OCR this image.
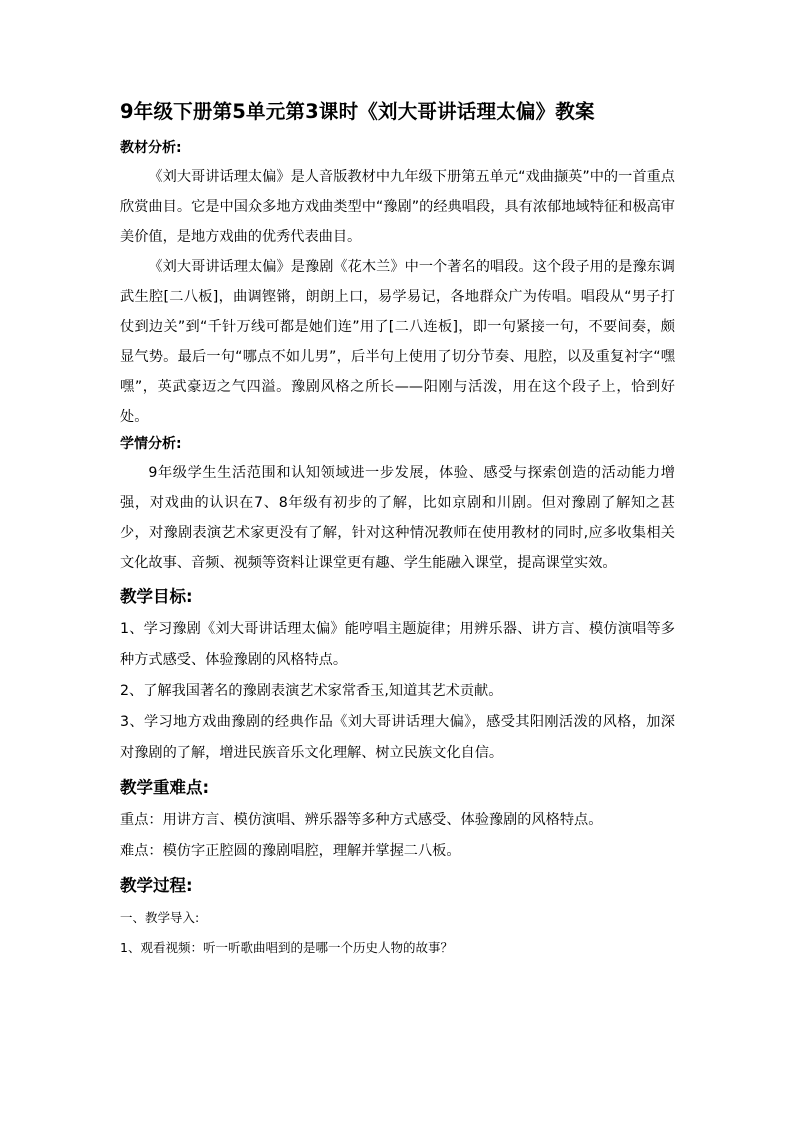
9年级下册第5单元第3课时《刘大哥讲话理太偏》教案
教材分析:

《刘大哥讲话理太偏》是人音版教材中九年级下册第五单元“戏曲撷英”中的一首重点欣赏曲目。它是中国众多地方戏曲类型中“豫剧”的经典唱段，具有浓郁地域特征和极高审美价值，是地方戏曲的优秀代表曲目。

《刘大哥讲话理太偏》是豫剧《花木兰》中一个著名的唱段。这个段子用的是豫东调武生腔[二八板]，曲调铿锵，朗朗上口，易学易记，各地群众广为传唱。唱段从“男子打仗到边关”到“千针万线可都是她们连”用了[二八连板]，即一句紧接一句，不要间奏，颇显气势。最后一句“哪点不如儿男”，后半句上使用了切分节奏、甩腔，以及重复衬字“嘿嘿”，英武豪迈之气四溢。豫剧风格之所长——阳刚与活泼，用在这个段子上，恰到好处。

学情分析:

9年级学生生活范围和认知领域进一步发展，体验、感受与探索创造的活动能力增强，对戏曲的认识在7、8年级有初步的了解，比如京剧和川剧。但对豫剧了解知之甚少，对豫剧表演艺术家更没有了解，针对这种情况教师在使用教材的同时,应多收集相关文化故事、音频、视频等资料让课堂更有趣、学生能融入课堂，提高课堂实效。

教学目标:

1、学习豫剧《刘大哥讲话理太偏》能哼唱主题旋律；用辨乐器、讲方言、模仿演唱等多种方式感受、体验豫剧的风格特点。

2、了解我国著名的豫剧表演艺术家常香玉,知道其艺术贡献。

3、学习地方戏曲豫剧的经典作品《刘大哥讲话理大偏》，感受其阳刚活泼的风格，加深对豫剧的了解，增进民族音乐文化理解、树立民族文化自信。

教学重难点:

重点：用讲方言、模仿演唱、辨乐器等多种方式感受、体验豫剧的风格特点。

难点：模仿字正腔圆的豫剧唱腔，理解并掌握二八板。

教学过程:

一、教学导入:

1、观看视频：听一听歌曲唱到的是哪一个历史人物的故事？
